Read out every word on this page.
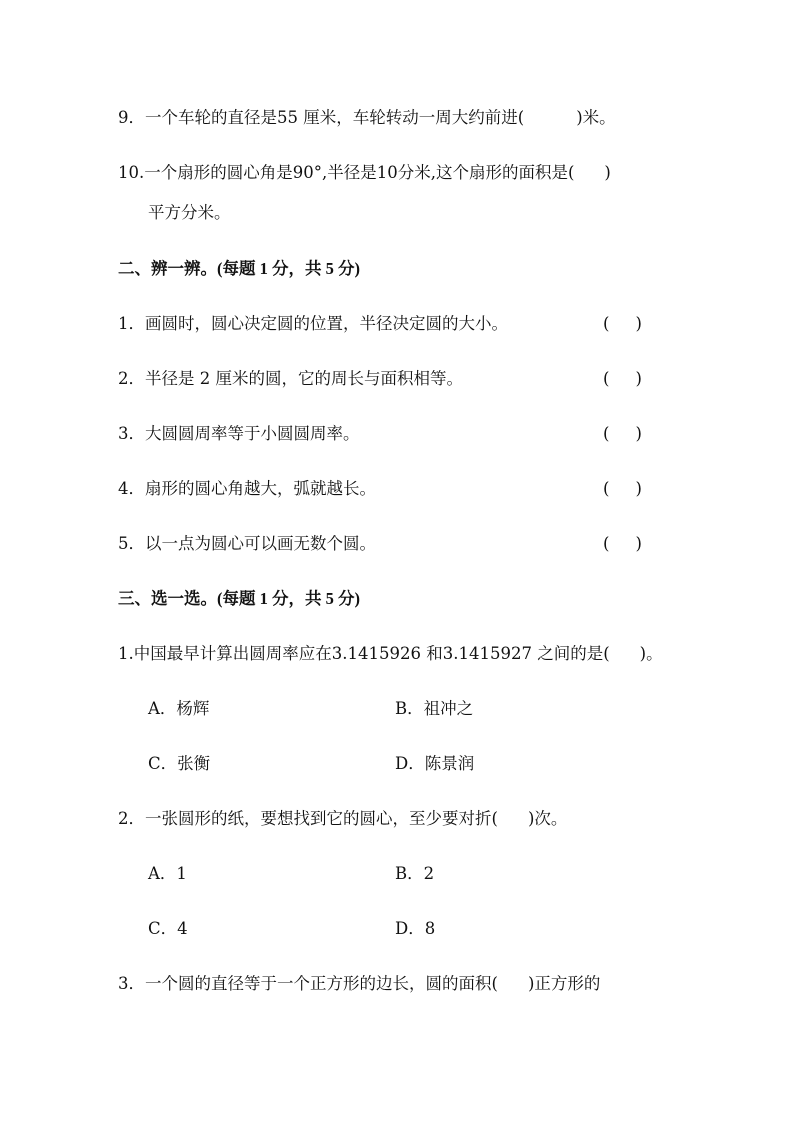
9．一个车轮的直径是55 厘米，车轮转动一周大约前进(	)米。
10.一个扇形的圆心角是90°,半径是10分米,这个扇形的面积是( )
平方分米。
二、辨一辨。(每题 1 分，共 5 分)
1．画圆时，圆心决定圆的位置，半径决定圆的大小。	( )
2．半径是 2 厘米的圆，它的周长与面积相等。	( )
3．大圆圆周率等于小圆圆周率。	( )
4．扇形的圆心角越大，弧就越长。	( )
5．以一点为圆心可以画无数个圆。	( )
三、选一选。(每题 1 分，共 5 分)
1.中国最早计算出圆周率应在3.1415926 和3.1415927 之间的是( )。
A．杨辉	B．祖冲之
C．张衡	D．陈景润
2．一张圆形的纸，要想找到它的圆心，至少要对折( )次。
A．1	B．2
C．4	D．8
3．一个圆的直径等于一个正方形的边长，圆的面积( )正方形的
